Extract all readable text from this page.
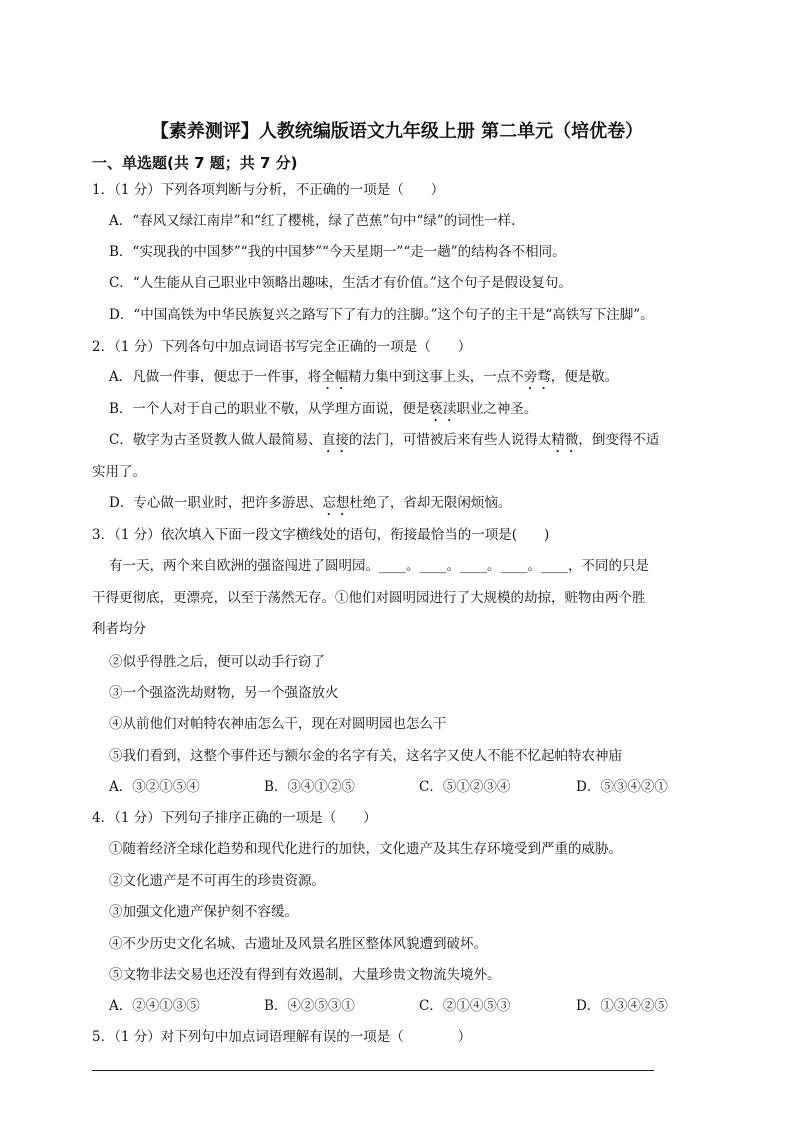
【素养测评】人教统编版语文九年级上册 第二单元（培优卷）
一、单选题(共 7 题；共 7 分)
1．（1 分）下列各项判断与分析，不正确的一项是（　　）
A．“春风又绿江南岸”和“红了樱桃，绿了芭蕉”句中“绿”的词性一样.
B．“实现我的中国梦”“我的中国梦”“今天星期一”“走一趟”的结构各不相同。
C．“人生能从自己职业中领略出趣味，生活才有价值。”这个句子是假设复句。
D．“中国高铁为中华民族复兴之路写下了有力的注脚。”这个句子的主干是“高铁写下注脚”。
2．（1 分）下列各句中加点词语书写完全正确的一项是（　　）
A．凡做一件事，便忠于一件事，将全幅精力集中到这事上头，一点不旁骛，便是敬。
B．一个人对于自己的职业不敬，从学理方面说，便是亵渎职业之神圣。
C．敬字为古圣贤教人做人最简易、直接的法门，可惜被后来有些人说得太精微，倒变得不适
实用了。
D．专心做一职业时，把许多游思、忘想杜绝了，省却无限闲烦恼。
3．（1 分）依次填入下面一段文字横线处的语句，衔接最恰当的一项是(　　)
有一天，两个来自欧洲的强盗闯进了圆明园。____。____。____。____。____，不同的只是
干得更彻底，更漂亮，以至于荡然无存。①他们对圆明园进行了大规模的劫掠，赃物由两个胜
利者均分
②似乎得胜之后，便可以动手行窃了
③一个强盗洗劫财物，另一个强盗放火
④从前他们对帕特农神庙怎么干，现在对圆明园也怎么干
⑤我们看到，这整个事件还与额尔金的名字有关，这名字又使人不能不忆起帕特农神庙
A．③②①⑤④	B．③④①②⑤	C．⑤①②③④	D．⑤③④②①
4．（1 分）下列句子排序正确的一项是（　　）
①随着经济全球化趋势和现代化进行的加快，文化遗产及其生存环境受到严重的威胁。
②文化遗产是不可再生的珍贵资源。
③加强文化遗产保护刻不容缓。
④不少历史文化名城、古遗址及风景名胜区整体风貌遭到破坏。
⑤文物非法交易也还没有得到有效遏制，大量珍贵文物流失境外。
A．②④①③⑤	B．④②⑤③①	C．②①④⑤③	D．①③④②⑤
5．（1 分）对下列句中加点词语理解有误的一项是（　　　　）
